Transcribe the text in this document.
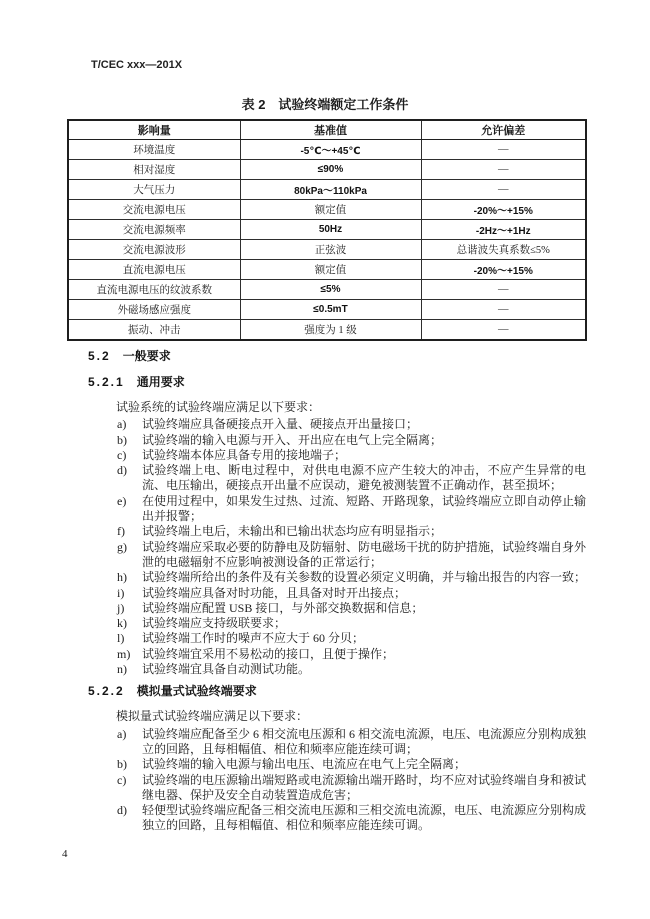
T/CEC xxx—201X
表 2　试验终端额定工作条件
影响量	基准值	允许偏差
环境温度	-5℃～+45℃	—
相对湿度	≤90%	—
大气压力	80kPa～110kPa	—
交流电源电压	额定值	-20%～+15%
交流电源频率	50Hz	-2Hz～+1Hz
交流电源波形	正弦波	总谐波失真系数≤5%
直流电源电压	额定值	-20%～+15%
直流电源电压的纹波系数	≤5%	—
外磁场感应强度	≤0.5mT	—
振动、冲击	强度为 1 级	—
5.2 一般要求
5.2.1 通用要求

试验系统的试验终端应满足以下要求：

a)	试验终端应具备硬接点开入量、硬接点开出量接口；
b)	试验终端的输入电源与开入、开出应在电气上完全隔离；
c)	试验终端本体应具备专用的接地端子；
d)	试验终端上电、断电过程中，对供电电源不应产生较大的冲击，不应产生异常的电流、电压输出，硬接点开出量不应误动，避免被测装置不正确动作，甚至损坏；
e)	在使用过程中，如果发生过热、过流、短路、开路现象，试验终端应立即自动停止输出并报警；
f)	试验终端上电后，未输出和已输出状态均应有明显指示；
g)	试验终端应采取必要的防静电及防辐射、防电磁场干扰的防护措施，试验终端自身外泄的电磁辐射不应影响被测设备的正常运行；
h)	试验终端所给出的条件及有关参数的设置必须定义明确，并与输出报告的内容一致；
i)	试验终端应具备对时功能，且具备对时开出接点；
j)	试验终端应配置 USB 接口，与外部交换数据和信息；
k)	试验终端应支持级联要求；
l)	试验终端工作时的噪声不应大于 60 分贝；
m) 试验终端宜采用不易松动的接口，且便于操作；
n)	试验终端宜具备自动测试功能。
5.2.2 模拟量式试验终端要求

模拟量式试验终端应满足以下要求：

a)	试验终端应配备至少 6 相交流电压源和 6 相交流电流源，电压、电流源应分别构成独立的回路，且每相幅值、相位和频率应能连续可调；
b)	试验终端的输入电源与输出电压、电流应在电气上完全隔离；
c)	试验终端的电压源输出端短路或电流源输出端开路时，均不应对试验终端自身和被试继电器、保护及安全自动装置造成危害；
d)	轻便型试验终端应配备三相交流电压源和三相交流电流源，电压、电流源应分别构成独立的回路，且每相幅值、相位和频率应能连续可调。
4
